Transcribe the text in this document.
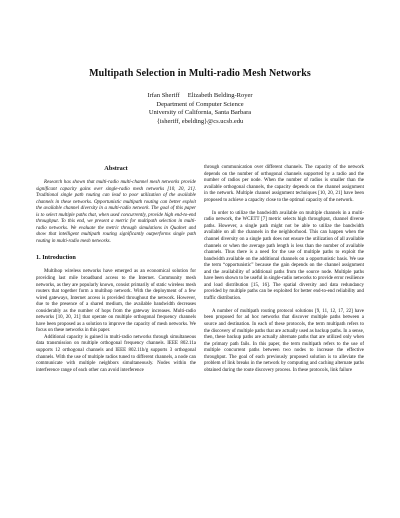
Multipath Selection in Multi-radio Mesh Networks
Irfan Sheriff     Elizabeth Belding-Royer
Department of Computer Science
University of California, Santa Barbara
{isheriff, ebelding}@cs.ucsb.edu
Abstract

Research has shown that multi-radio multi-channel mesh networks provide significant capacity gains over single-radio mesh networks [10, 20, 21]. Traditional single path routing can lead to poor utilization of the available channels in these networks. Opportunistic multipath routing can better exploit the available channel diversity in a multi-radio network. The goal of this paper is to select multiple paths that, when used concurrently, provide high end-to-end throughput. To this end, we present a metric for multipath selection in multi-radio networks. We evaluate the metric through simulations in Qualnet and show that intelligent multipath routing significantly outperforms single path routing in multi-radio mesh networks.

1. Introduction

Multihop wireless networks have emerged as an economical solution for providing last mile broadband access to the Internet. Community mesh networks, as they are popularly known, consist primarily of static wireless mesh routers that together form a multihop network. With the deployment of a few wired gateways, Internet access is provided throughout the network. However, due to the presence of a shared medium, the available bandwidth decreases considerably as the number of hops from the gateway increases. Multi-radio networks [10, 20, 21] that operate on multiple orthogonal frequency channels have been proposed as a solution to improve the capacity of mesh networks. We focus on these networks in this paper.

Additional capacity is gained in multi-radio networks through simultaneous data transmission on multiple orthogonal frequency channels. IEEE 802.11a supports 12 orthogonal channels and IEEE 802.11b/g supports 3 orthogonal channels. With the use of multiple radios tuned to different channels, a node can communicate with multiple neighbors simultaneously. Nodes within the interference range of each other can avoid interference

through communication over different channels. The capacity of the network depends on the number of orthogonal channels supported by a radio and the number of radios per node. When the number of radios is smaller than the available orthogonal channels, the capacity depends on the channel assignment in the network. Multiple channel assignment techniques [10, 20, 21] have been proposed to achieve a capacity close to the optimal capacity of the network.

In order to utilize the bandwidth available on multiple channels in a multi-radio network, the WCETT [7] metric selects high throughput, channel diverse paths. However, a single path might not be able to utilize the bandwidth available on all the channels in the neighborhood. This can happen when the channel diversity on a single path does not ensure the utilization of all available channels or when the average path length is less than the number of available channels. Thus there is a need for the use of multiple paths to exploit the bandwidth available on the additional channels on a opportunistic basis. We use the term “opportunistic” because the gain depends on the channel assignment and the availability of additional paths from the source node. Multiple paths have been shown to be useful in single-radio networks to provide error resilience and load distribution [15, 16]. The spatial diversity and data redundancy provided by multiple paths can be exploited for better end-to-end reliability and traffic distribution.

A number of multipath routing protocol solutions [9, 11, 12, 17, 22] have been proposed for ad hoc networks that discover multiple paths between a source and destination. In each of these protocols, the term multipath refers to the discovery of multiple paths that are actually used as backup paths. In a sense, then, these backup paths are actually alternate paths that are utilized only when the primary path fails. In this paper, the term multipath refers to the use of multiple concurrent paths between two nodes to increase the effective throughput. The goal of each previously proposed solution is to alleviate the problem of link breaks in the network by computing and caching alternate paths obtained during the route discovery process. In these protocols, link failure
